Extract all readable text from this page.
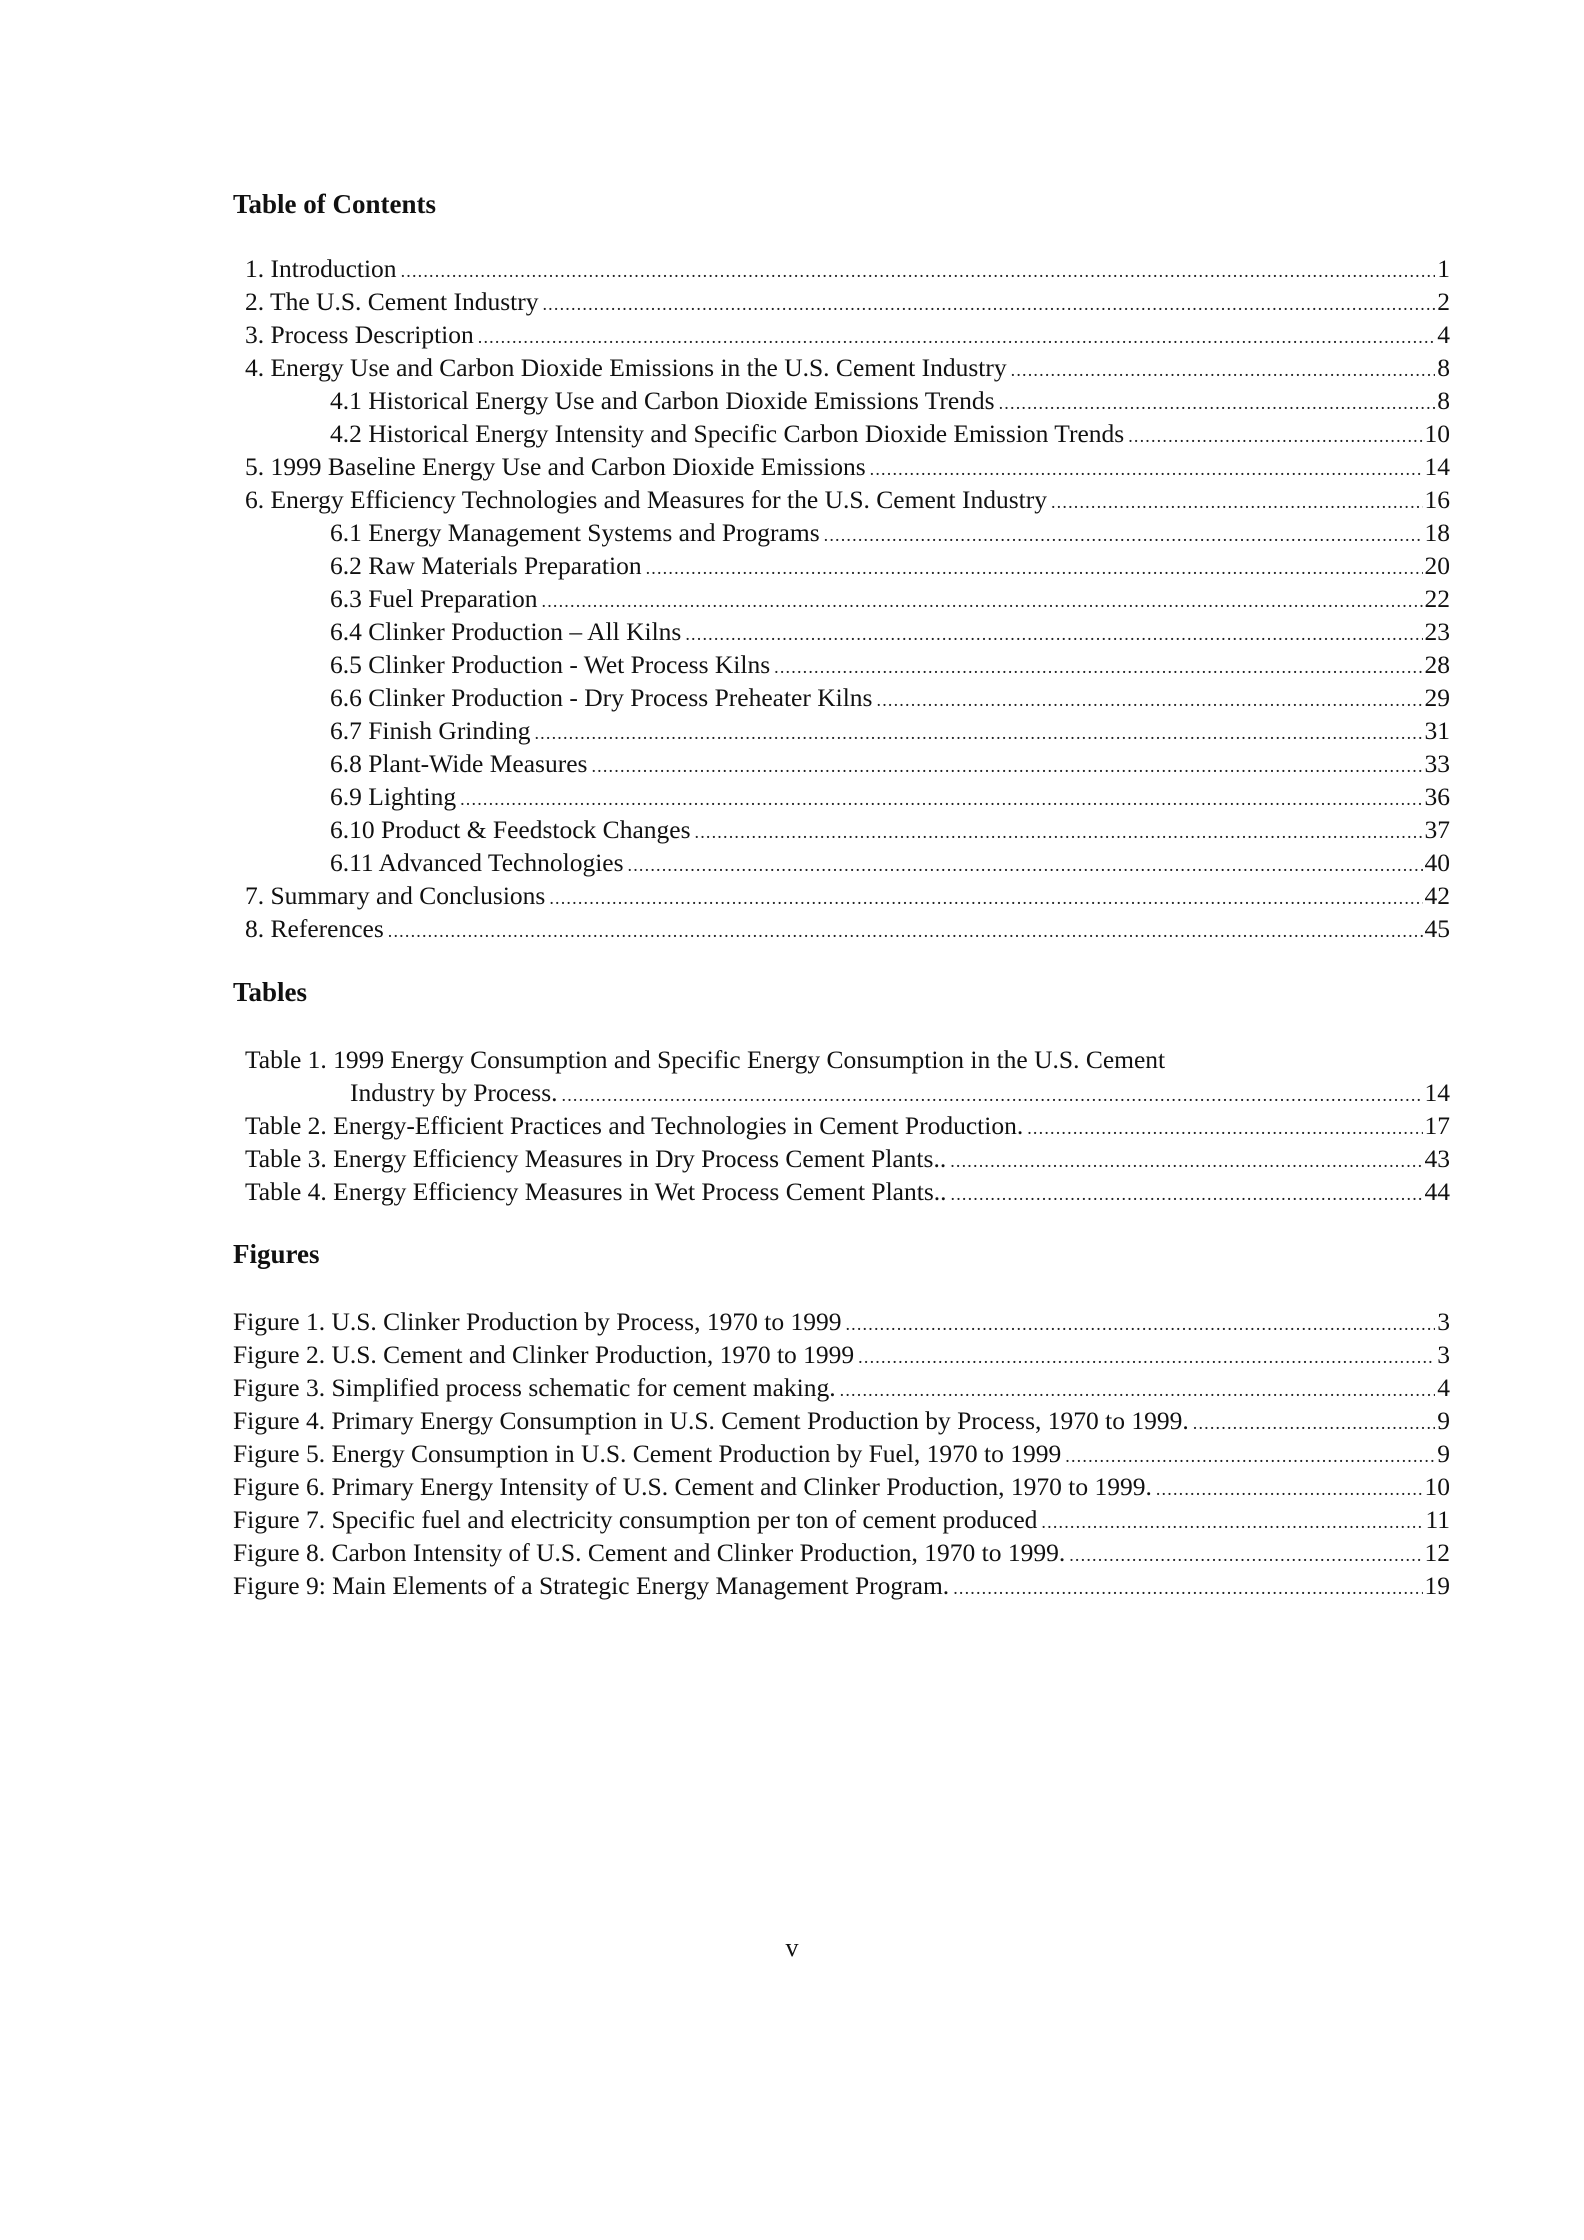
Table of Contents
1. Introduction .....	1
2. The U.S. Cement Industry .....	2
3. Process Description .....	4
4. Energy Use and Carbon Dioxide Emissions in the U.S. Cement Industry .....	8
4.1 Historical Energy Use and Carbon Dioxide Emissions Trends .....	8
4.2 Historical Energy Intensity and Specific Carbon Dioxide Emission Trends .....	10
5. 1999 Baseline Energy Use and Carbon Dioxide Emissions .....	14
6. Energy Efficiency Technologies and Measures for the U.S. Cement Industry .....	16
6.1 Energy Management Systems and Programs .....	18
6.2 Raw Materials Preparation .....	20
6.3 Fuel Preparation .....	22
6.4 Clinker Production – All Kilns .....	23
6.5 Clinker Production - Wet Process Kilns .....	28
6.6 Clinker Production - Dry Process Preheater Kilns .....	29
6.7 Finish Grinding .....	31
6.8 Plant-Wide Measures .....	33
6.9 Lighting .....	36
6.10 Product & Feedstock Changes .....	37
6.11 Advanced Technologies .....	40
7. Summary and Conclusions .....	42
8. References .....	45
Tables
Table 1. 1999 Energy Consumption and Specific Energy Consumption in the U.S. Cement
Industry by Process. .....	14
Table 2. Energy-Efficient Practices and Technologies in Cement Production. .....	17
Table 3. Energy Efficiency Measures in Dry Process Cement Plants.. .....	43
Table 4. Energy Efficiency Measures in Wet Process Cement Plants.. .....	44
Figures
Figure 1. U.S. Clinker Production by Process, 1970 to 1999 .....	3
Figure 2. U.S. Cement and Clinker Production, 1970 to 1999 .....	3
Figure 3. Simplified process schematic for cement making. .....	4
Figure 4. Primary Energy Consumption in U.S. Cement Production by Process, 1970 to 1999. .....	9
Figure 5. Energy Consumption in U.S. Cement Production by Fuel, 1970 to 1999 .....	9
Figure 6. Primary Energy Intensity of U.S. Cement and Clinker Production, 1970 to 1999. .....	10
Figure 7. Specific fuel and electricity consumption per ton of cement produced .....	11
Figure 8. Carbon Intensity of U.S. Cement and Clinker Production, 1970 to 1999. .....	12
Figure 9: Main Elements of a Strategic Energy Management Program. .....	19
v
